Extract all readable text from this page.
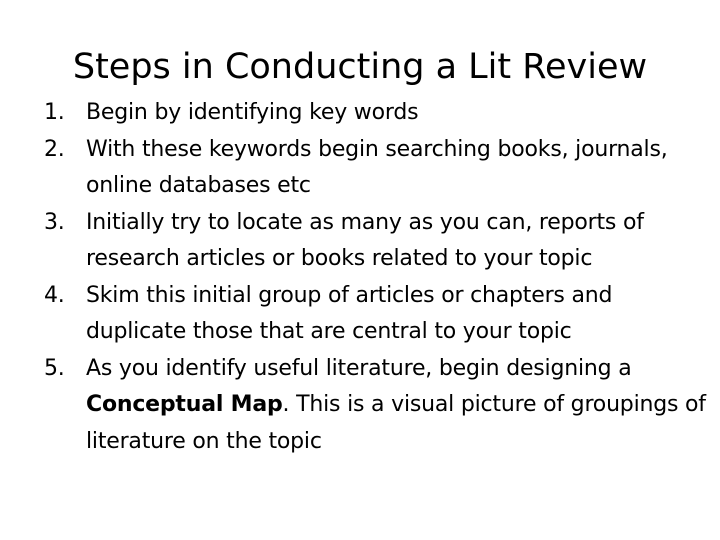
Steps in Conducting a Lit Review
1. Begin by identifying key words
2. With these keywords begin searching books, journals, online databases etc
3. Initially try to locate as many as you can, reports of research articles or books related to your topic
4. Skim this initial group of articles or chapters and duplicate those that are central to your topic
5. As you identify useful literature, begin designing a Conceptual Map. This is a visual picture of groupings of literature on the topic
